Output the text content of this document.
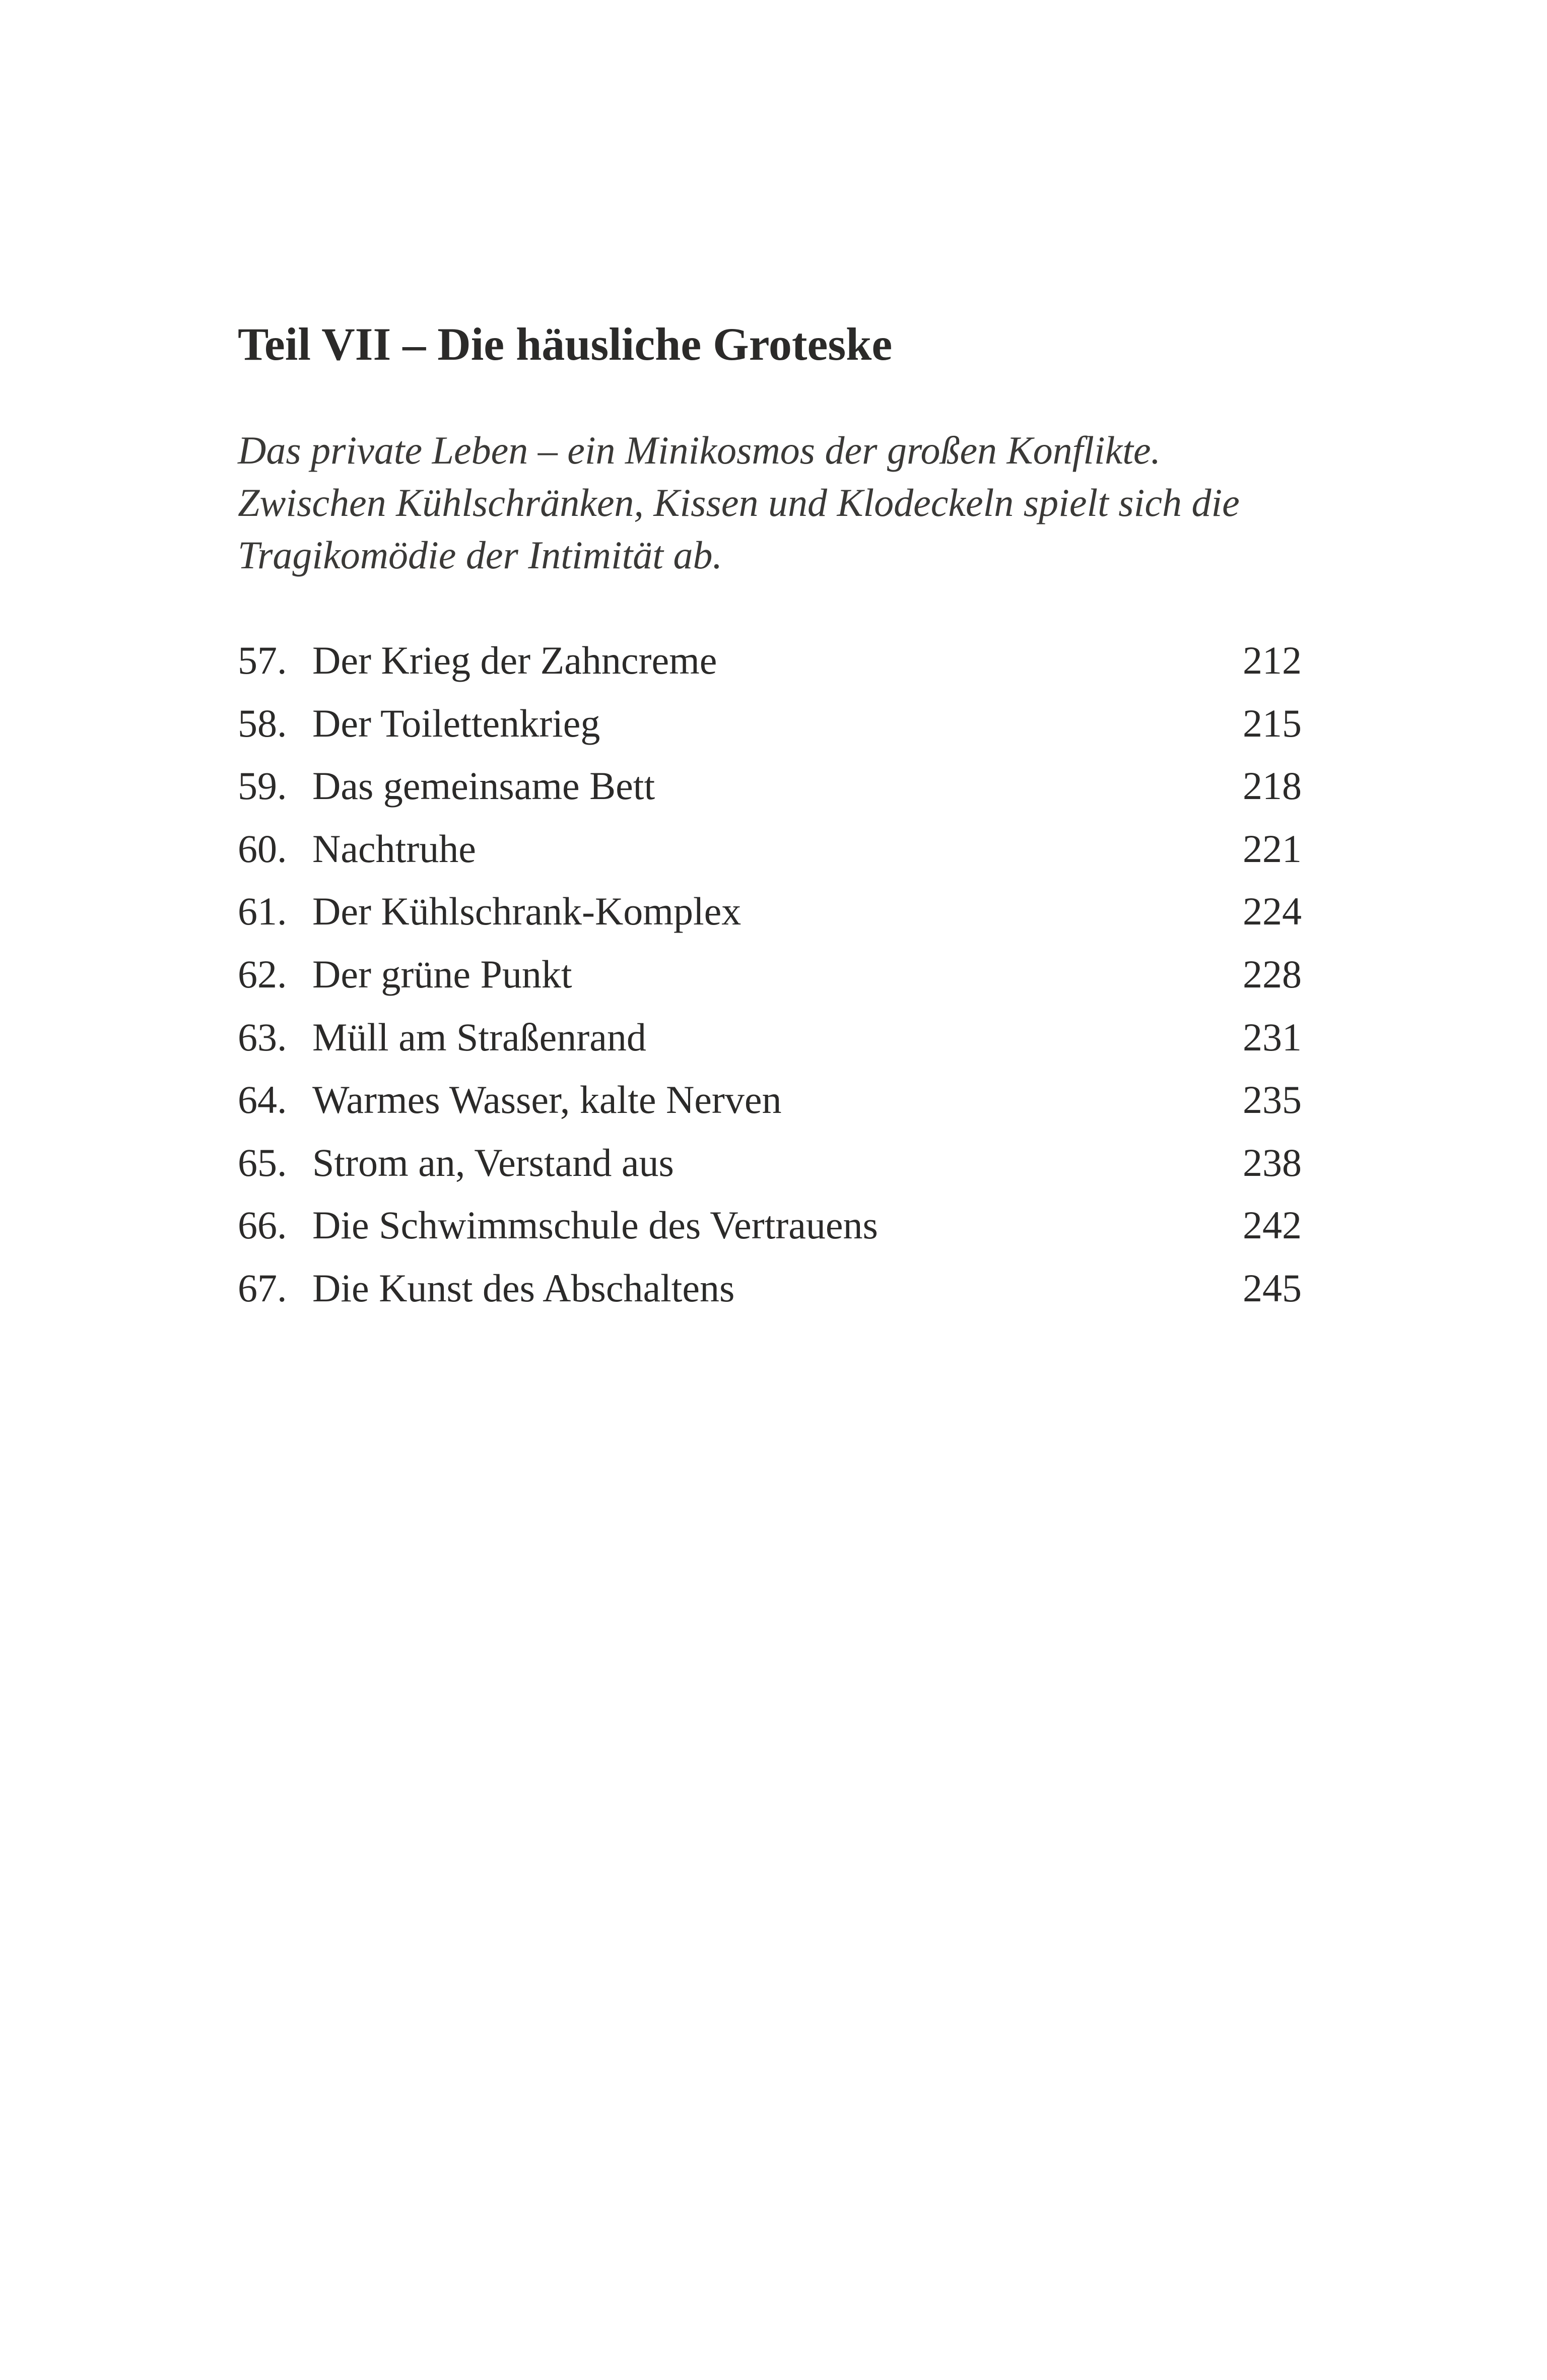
Teil VII – Die häusliche Groteske

Das private Leben – ein Minikosmos der großen Konflikte.
Zwischen Kühlschränken, Kissen und Klodeckeln spielt sich die
Tragikomödie der Intimität ab.

57. Der Krieg der Zahncreme	212
58. Der Toilettenkrieg	215
59. Das gemeinsame Bett	218
60. Nachtruhe	221
61. Der Kühlschrank-Komplex	224
62. Der grüne Punkt	228
63. Müll am Straßenrand	231
64. Warmes Wasser, kalte Nerven	235
65. Strom an, Verstand aus	238
66. Die Schwimmschule des Vertrauens	242
67. Die Kunst des Abschaltens	245
